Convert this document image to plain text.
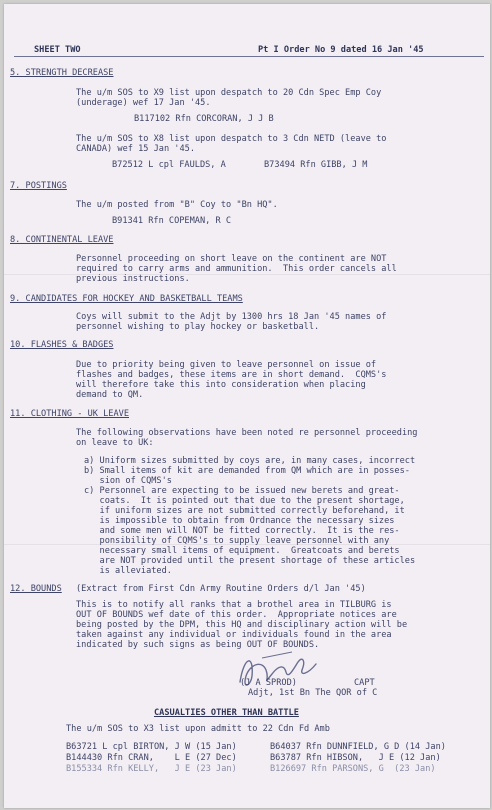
SHEET TWO	Pt I Order No 9 dated 16 Jan '45
5. STRENGTH DECREASE
The u/m SOS to X9 list upon despatch to 20 Cdn Spec Emp Coy
(underage) wef 17 Jan '45.
B117102 Rfn CORCORAN, J J B
The u/m SOS to X8 list upon despatch to 3 Cdn NETD (leave to
CANADA) wef 15 Jan '45.
B72512 L cpl FAULDS, A	B73494 Rfn GIBB, J M
7. POSTINGS
The u/m posted from "B" Coy to "Bn HQ".
B91341 Rfn COPEMAN, R C
8. CONTINENTAL LEAVE
Personnel proceeding on short leave on the continent are NOT
required to carry arms and ammunition.  This order cancels all
previous instructions.
9. CANDIDATES FOR HOCKEY AND BASKETBALL TEAMS
Coys will submit to the Adjt by 1300 hrs 18 Jan '45 names of
personnel wishing to play hockey or basketball.
10. FLASHES & BADGES
Due to priority being given to leave personnel on issue of
flashes and badges, these items are in short demand.  CQMS's
will therefore take this into consideration when placing
demand to QM.
11. CLOTHING - UK LEAVE
The following observations have been noted re personnel proceeding
on leave to UK:
a) Uniform sizes submitted by coys are, in many cases, incorrect
b) Small items of kit are demanded from QM which are in posses-
sion of CQMS's
c) Personnel are expecting to be issued new berets and great-
coats.  It is pointed out that due to the present shortage,
if uniform sizes are not submitted correctly beforehand, it
is impossible to obtain from Ordnance the necessary sizes
and some men will NOT be fitted correctly.  It is the res-
ponsibility of CQMS's to supply leave personnel with any
necessary small items of equipment.  Greatcoats and berets
are NOT provided until the present shortage of these articles
is alleviated.
12. BOUNDS (Extract from First Cdn Army Routine Orders d/l Jan '45)
This is to notify all ranks that a brothel area in TILBURG is
OUT OF BOUNDS wef date of this order.  Appropriate notices are
being posted by the DPM, this HQ and disciplinary action will be
taken against any individual or individuals found in the area
indicated by such signs as being OUT OF BOUNDS.
(J A SPROD)	CAPT
Adjt, 1st Bn The QOR of C
CASUALTIES OTHER THAN BATTLE
The u/m SOS to X3 list upon admitt to 22 Cdn Fd Amb
B63721 L cpl BIRTON, J W (15 Jan)	B64037 Rfn DUNNFIELD, G D (14 Jan)
B144430 Rfn CRAN,    L E (27 Dec)	B63787 Rfn HIBSON,   J E (12 Jan)
B155334 Rfn KELLY,   J E (23 Jan)	B126697 Rfn PARSONS, G  (23 Jan)
